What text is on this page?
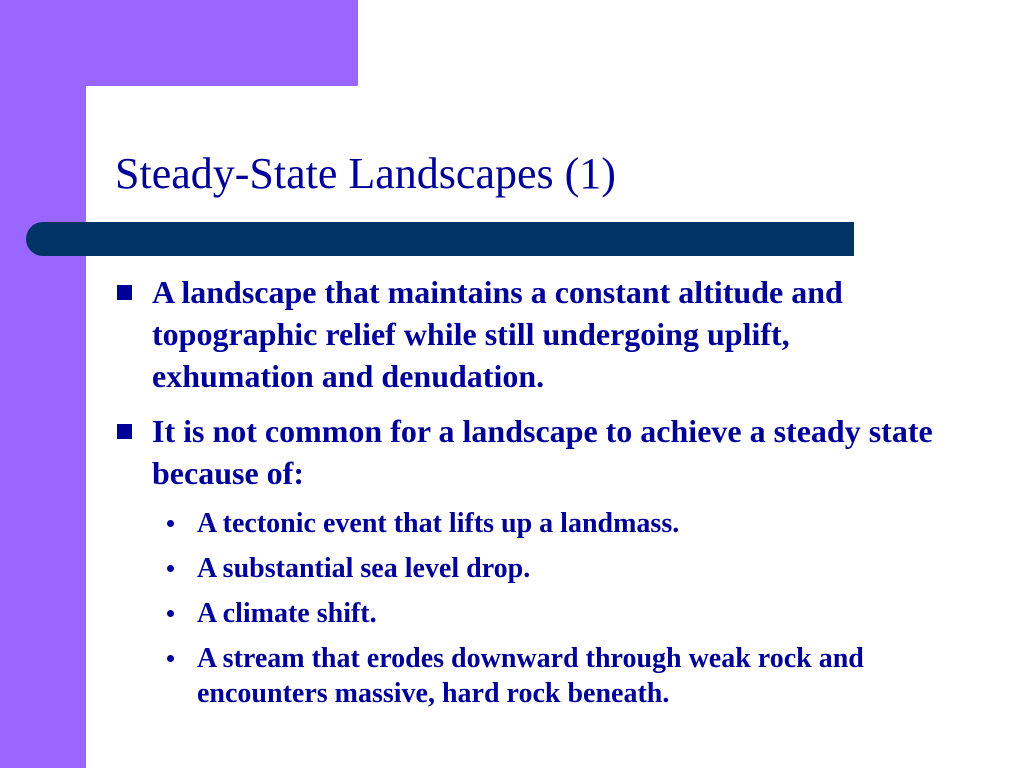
Steady-State Landscapes (1)
A landscape that maintains a constant altitude and topographic relief while still undergoing uplift, exhumation and denudation.
It is not common for a landscape to achieve a steady state because of:
A tectonic event that lifts up a landmass.
A substantial sea level drop.
A climate shift.
A stream that erodes downward through weak rock and encounters massive, hard rock beneath.
